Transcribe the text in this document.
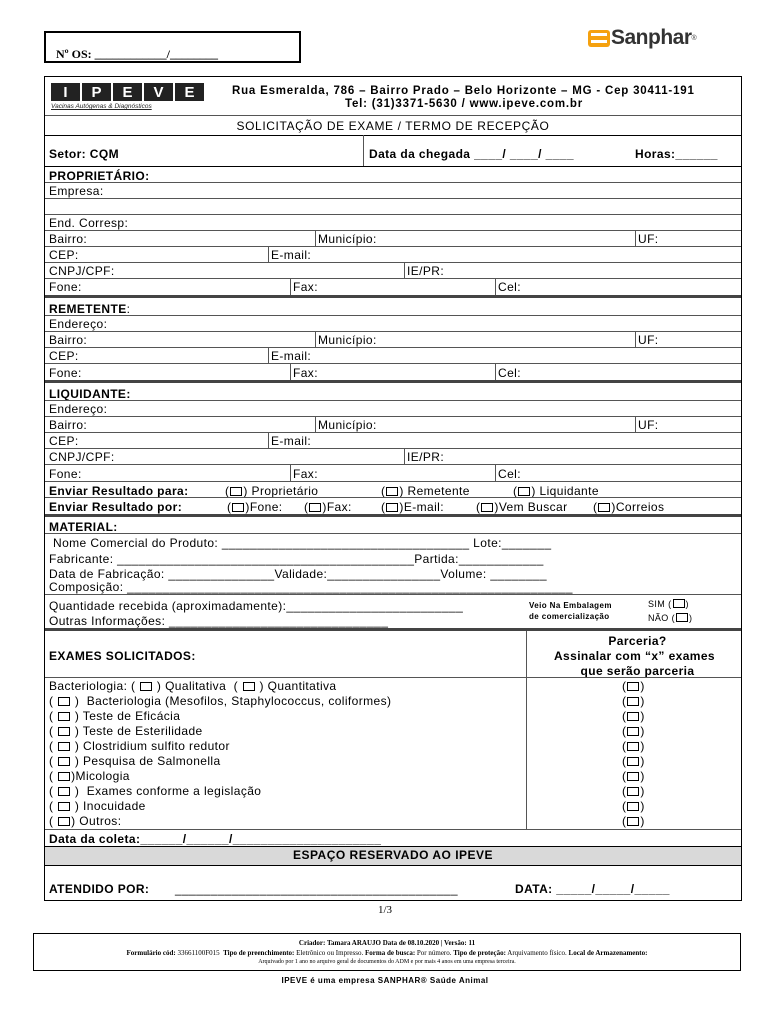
Nº OS: ____________/________
Sanphar ®
I	P	E	V	E
Vacinas Autógenas & Diagnósticos
Rua Esmeralda, 786 – Bairro Prado – Belo Horizonte – MG - Cep 30411-191
Tel: (31)3371-5630 / www.ipeve.com.br
SOLICITAÇÃO DE EXAME / TERMO DE RECEPÇÃO
Setor: CQM	Data da chegada ____/ ____/ ____	Horas:______
PROPRIETÁRIO:
Empresa:
End. Corresp:
Bairro:	Município:	UF:
CEP:	E-mail:
CNPJ/CPF:	IE/PR:
Fone:	Fax:	Cel:
REMETENTE:
Endereço:
Bairro:	Município:	UF:
CEP:	E-mail:
Fone:	Fax:	Cel:
LIQUIDANTE:
Endereço:
Bairro:	Município:	UF:
CEP:	E-mail:
CNPJ/CPF:	IE/PR:
Fone:	Fax:	Cel:
Enviar Resultado para:	( ) Proprietário	( ) Remetente	( ) Liquidante
Enviar Resultado por:	( )Fone: ( )Fax: ( )E-mail:	( )Vem Buscar ( )Correios
MATERIAL:
Nome Comercial do Produto: ___________________________________ Lote:_______
Fabricante: __________________________________________Partida:____________
Data de Fabricação: _______________Validade:________________Volume: ________
Composição: _______________________________________________________________
Quantidade recebida (aproximadamente):_________________________
Outras Informações: _______________________________
Veio Na Embalagem
de comercialização
SIM ( )
NÃO ( )
Parceria?
Assinalar com “x” exames
que serão parceria
EXAMES SOLICITADOS:
Bacteriologia: (  ) Qualitativa  (  ) Quantitativa	( )
(  )  Bacteriologia (Mesofilos, Staphylococcus, coliformes)	( )
(  ) Teste de Eficácia	( )
(  ) Teste de Esterilidade	( )
(  ) Clostridium sulfito redutor	( )
(  ) Pesquisa de Salmonella	( )
( )Micologia	( )
(  )  Exames conforme a legislação	( )
(  ) Inocuidade	( )
( ) Outros:	( )
Data da coleta:______/______/_____________________
ESPAÇO RESERVADO AO IPEVE
ATENDIDO POR: ________________________________________	DATA: _____/_____/_____
1/3
Criador: Tamara ARAUJO Data de 08.10.2020 | Versão: 11
Formulário cód: 33661100F015 Tipo de preenchimento: Eletrônico ou Impresso. Forma de busca: Por número. Tipo de proteção: Arquivamento físico. Local de Armazenamento:
Arquivado por 1 ano no arquivo geral de documentos do ADM e por mais 4 anos em uma empresa terceira.
IPEVE é uma empresa SANPHAR® Saúde Animal
